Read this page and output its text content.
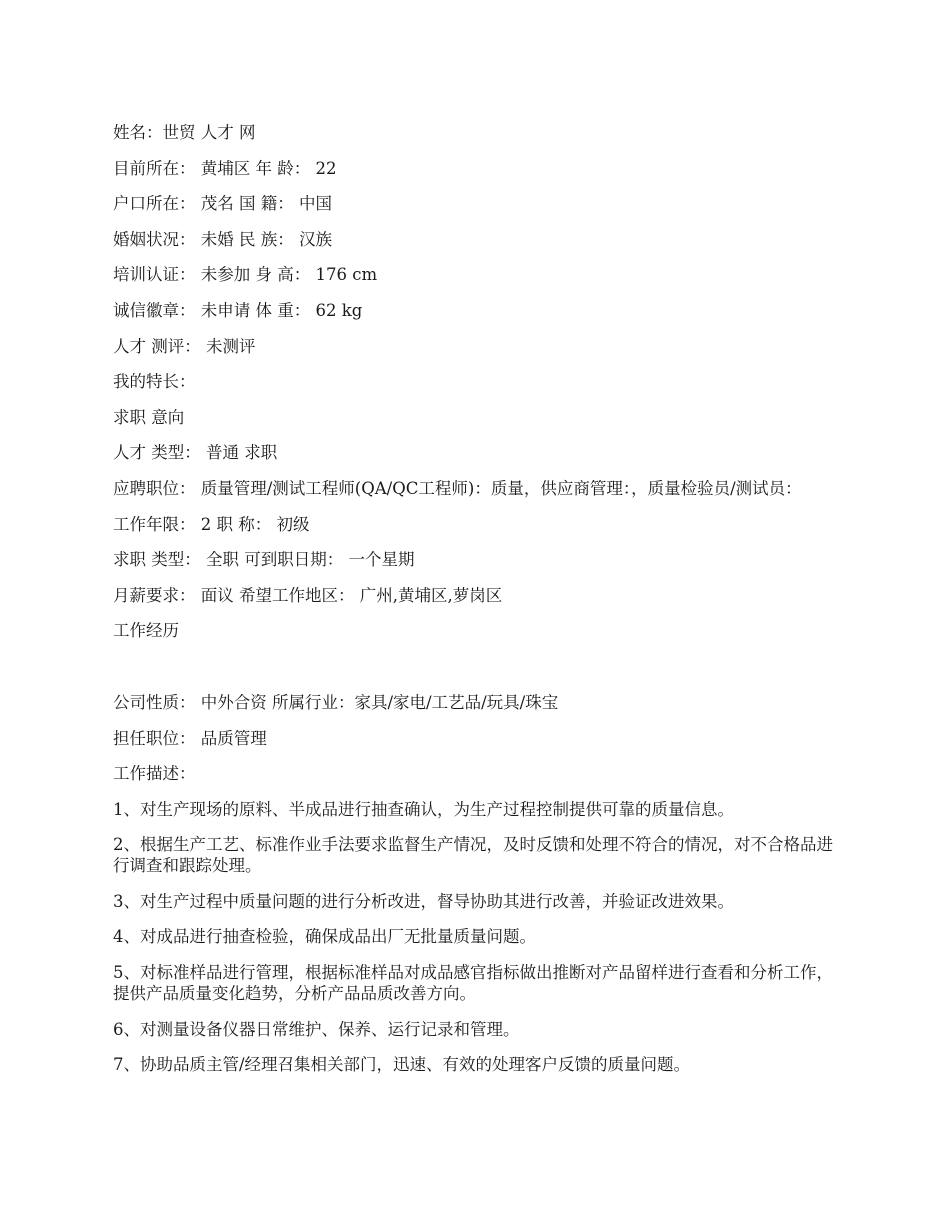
姓名：世贸 人才 网
目前所在： 黄埔区 年 龄： 22
户口所在： 茂名 国 籍： 中国
婚姻状况： 未婚 民 族： 汉族
培训认证： 未参加 身 高： 176 cm
诚信徽章： 未申请 体 重： 62 kg
人才 测评： 未测评
我的特长：
求职 意向
人才 类型： 普通 求职
应聘职位： 质量管理/测试工程师(QA/QC工程师)：质量，供应商管理：，质量检验员/测试员：
工作年限： 2 职 称： 初级
求职 类型： 全职 可到职日期： 一个星期
月薪要求： 面议 希望工作地区： 广州,黄埔区,萝岗区
工作经历
公司性质： 中外合资 所属行业：家具/家电/工艺品/玩具/珠宝
担任职位： 品质管理
工作描述：
1、对生产现场的原料、半成品进行抽查确认，为生产过程控制提供可靠的质量信息。
2、根据生产工艺、标准作业手法要求监督生产情况，及时反馈和处理不符合的情况，对不合格品进行调查和跟踪处理。
3、对生产过程中质量问题的进行分析改进，督导协助其进行改善，并验证改进效果。
4、对成品进行抽查检验，确保成品出厂无批量质量问题。
5、对标准样品进行管理，根据标准样品对成品感官指标做出推断对产品留样进行查看和分析工作，提供产品质量变化趋势，分析产品品质改善方向。
6、对测量设备仪器日常维护、保养、运行记录和管理。
7、协助品质主管/经理召集相关部门，迅速、有效的处理客户反馈的质量问题。
